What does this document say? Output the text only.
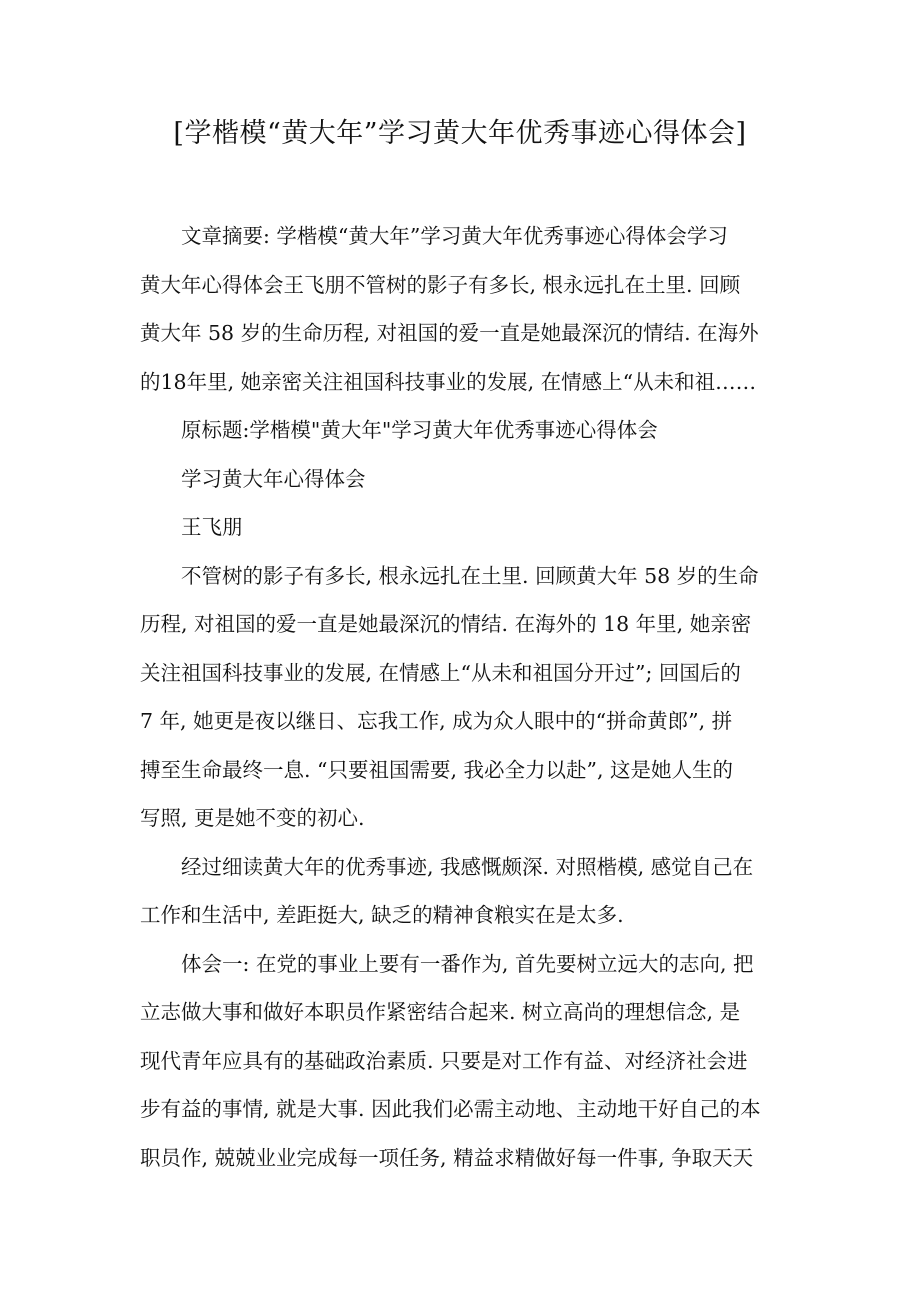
[学楷模“黄大年”学习黄大年优秀事迹心得体会]

文章摘要: 学楷模“黄大年”学习黄大年优秀事迹心得体会学习
黄大年心得体会王飞朋不管树的影子有多长, 根永远扎在土里. 回顾
黄大年 58 岁的生命历程, 对祖国的爱一直是她最深沉的情结. 在海外
的18年里, 她亲密关注祖国科技事业的发展, 在情感上“从未和祖……

原标题:学楷模"黄大年"学习黄大年优秀事迹心得体会

学习黄大年心得体会

王飞朋

不管树的影子有多长, 根永远扎在土里. 回顾黄大年 58 岁的生命
历程, 对祖国的爱一直是她最深沉的情结. 在海外的 18 年里, 她亲密
关注祖国科技事业的发展, 在情感上“从未和祖国分开过”; 回国后的
7 年, 她更是夜以继日、忘我工作, 成为众人眼中的“拼命黄郎”, 拼
搏至生命最终一息. “只要祖国需要, 我必全力以赴”, 这是她人生的
写照, 更是她不变的初心.

经过细读黄大年的优秀事迹, 我感慨颇深. 对照楷模, 感觉自己在
工作和生活中, 差距挺大, 缺乏的精神食粮实在是太多.

体会一: 在党的事业上要有一番作为, 首先要树立远大的志向, 把
立志做大事和做好本职员作紧密结合起来. 树立高尚的理想信念, 是
现代青年应具有的基础政治素质. 只要是对工作有益、对经济社会进
步有益的事情, 就是大事. 因此我们必需主动地、主动地干好自己的本
职员作, 兢兢业业完成每一项任务, 精益求精做好每一件事, 争取天天
